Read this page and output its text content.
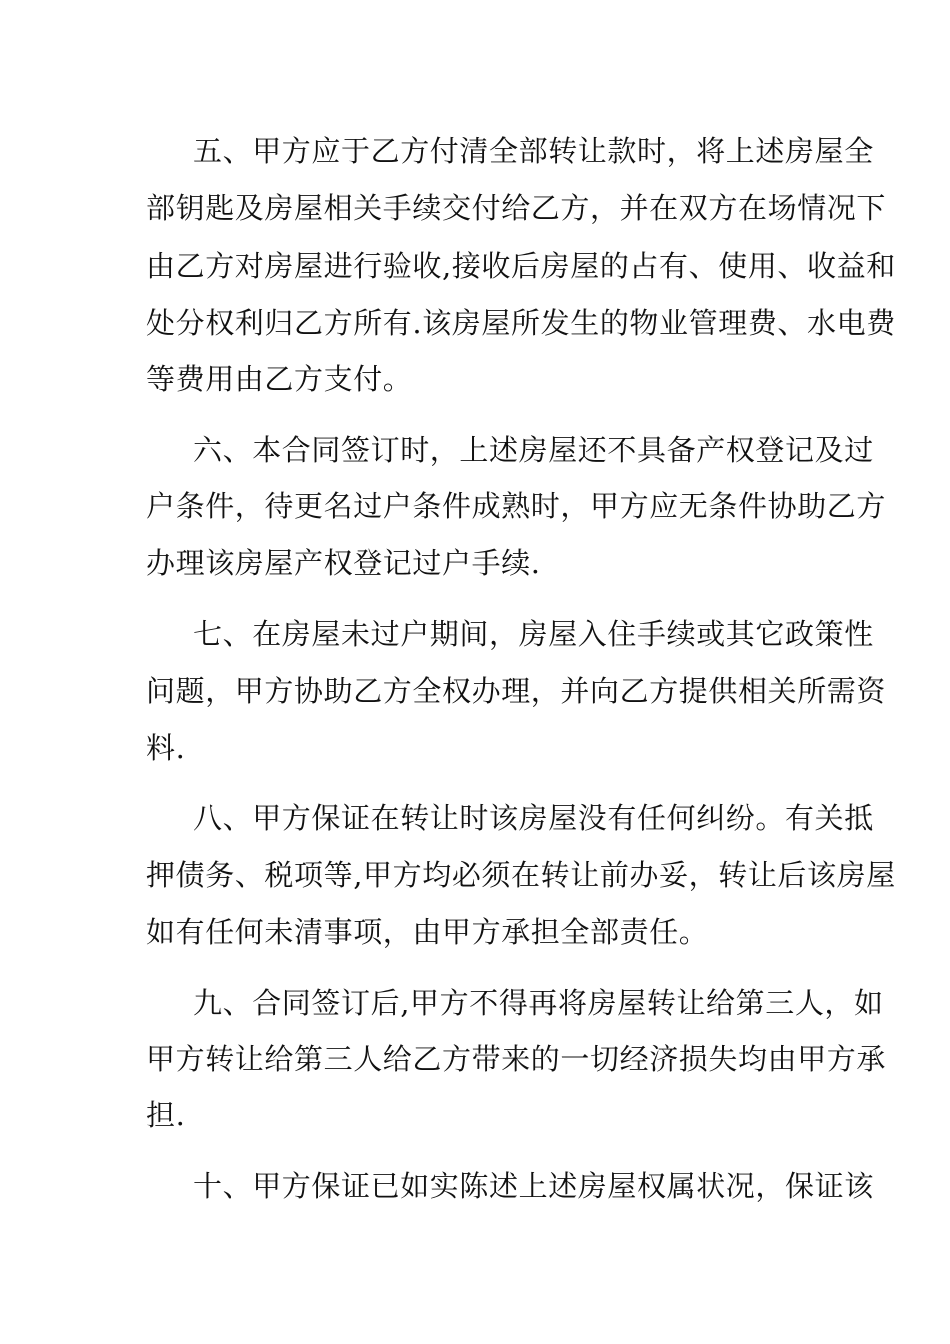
五、甲方应于乙方付清全部转让款时，将上述房屋全
部钥匙及房屋相关手续交付给乙方，并在双方在场情况下
由乙方对房屋进行验收,接收后房屋的占有、使用、收益和
处分权利归乙方所有.该房屋所发生的物业管理费、水电费
等费用由乙方支付。
六、本合同签订时，上述房屋还不具备产权登记及过
户条件，待更名过户条件成熟时，甲方应无条件协助乙方
办理该房屋产权登记过户手续.
七、在房屋未过户期间，房屋入住手续或其它政策性
问题，甲方协助乙方全权办理，并向乙方提供相关所需资
料.
八、甲方保证在转让时该房屋没有任何纠纷。有关抵
押债务、税项等,甲方均必须在转让前办妥，转让后该房屋
如有任何未清事项，由甲方承担全部责任。
九、合同签订后,甲方不得再将房屋转让给第三人，如
甲方转让给第三人给乙方带来的一切经济损失均由甲方承
担.
十、甲方保证已如实陈述上述房屋权属状况，保证该
